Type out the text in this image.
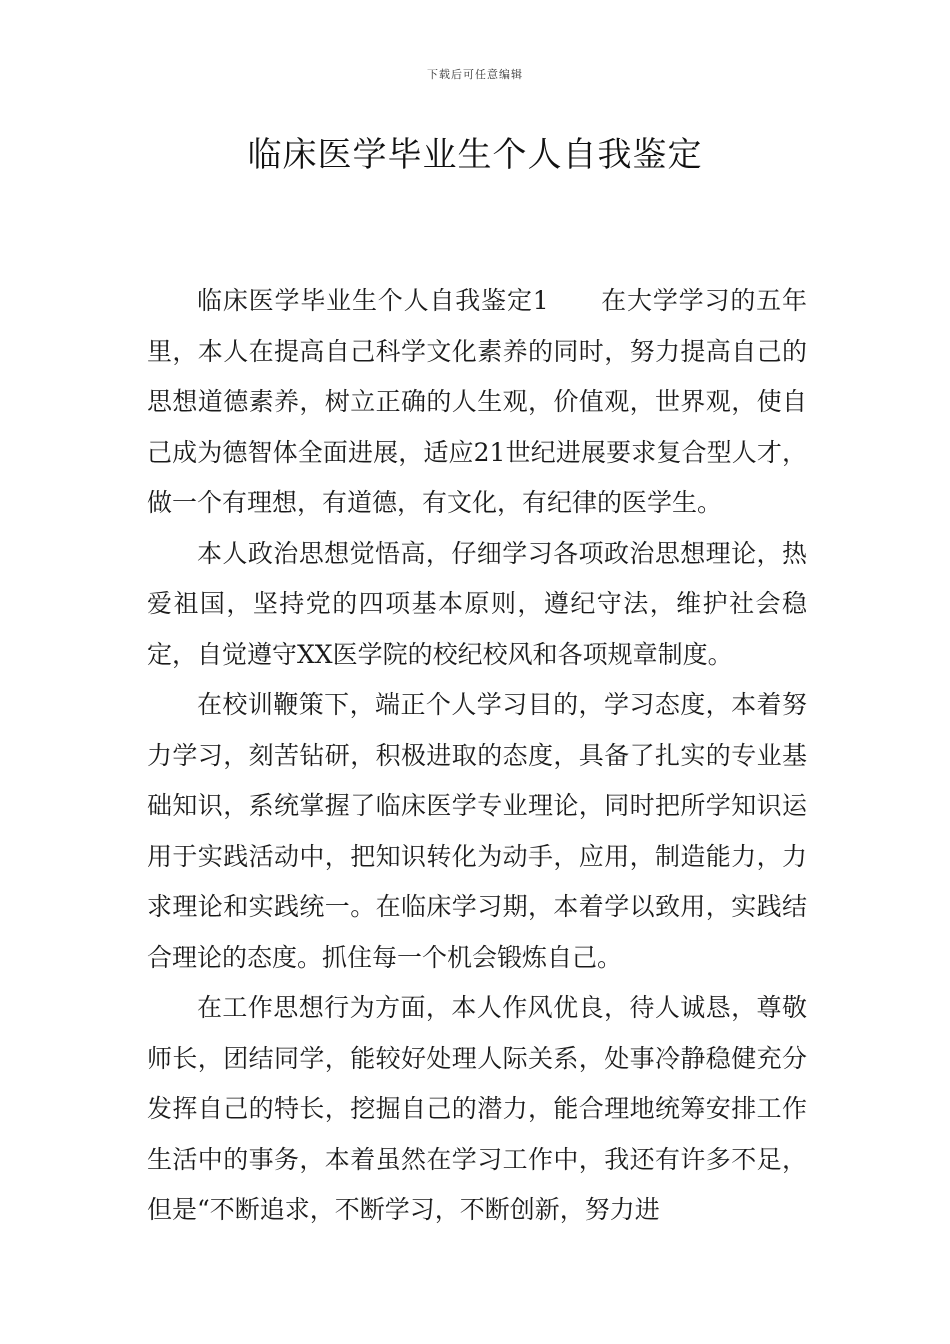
下载后可任意编辑
临床医学毕业生个人自我鉴定

临床医学毕业生个人自我鉴定1　　在大学学习的五年里，本人在提高自己科学文化素养的同时，努力提高自己的思想道德素养，树立正确的人生观，价值观，世界观，使自己成为德智体全面进展，适应21世纪进展要求复合型人才，做一个有理想，有道德，有文化，有纪律的医学生。

本人政治思想觉悟高，仔细学习各项政治思想理论，热爱祖国，坚持党的四项基本原则，遵纪守法，维护社会稳定，自觉遵守XX医学院的校纪校风和各项规章制度。

在校训鞭策下，端正个人学习目的，学习态度，本着努力学习，刻苦钻研，积极进取的态度，具备了扎实的专业基础知识，系统掌握了临床医学专业理论，同时把所学知识运用于实践活动中，把知识转化为动手，应用，制造能力，力求理论和实践统一。在临床学习期，本着学以致用，实践结合理论的态度。抓住每一个机会锻炼自己。

在工作思想行为方面，本人作风优良，待人诚恳，尊敬师长，团结同学，能较好处理人际关系，处事冷静稳健充分发挥自己的特长，挖掘自己的潜力，能合理地统筹安排工作生活中的事务，本着虽然在学习工作中，我还有许多不足，但是“不断追求，不断学习，不断创新，努力进
